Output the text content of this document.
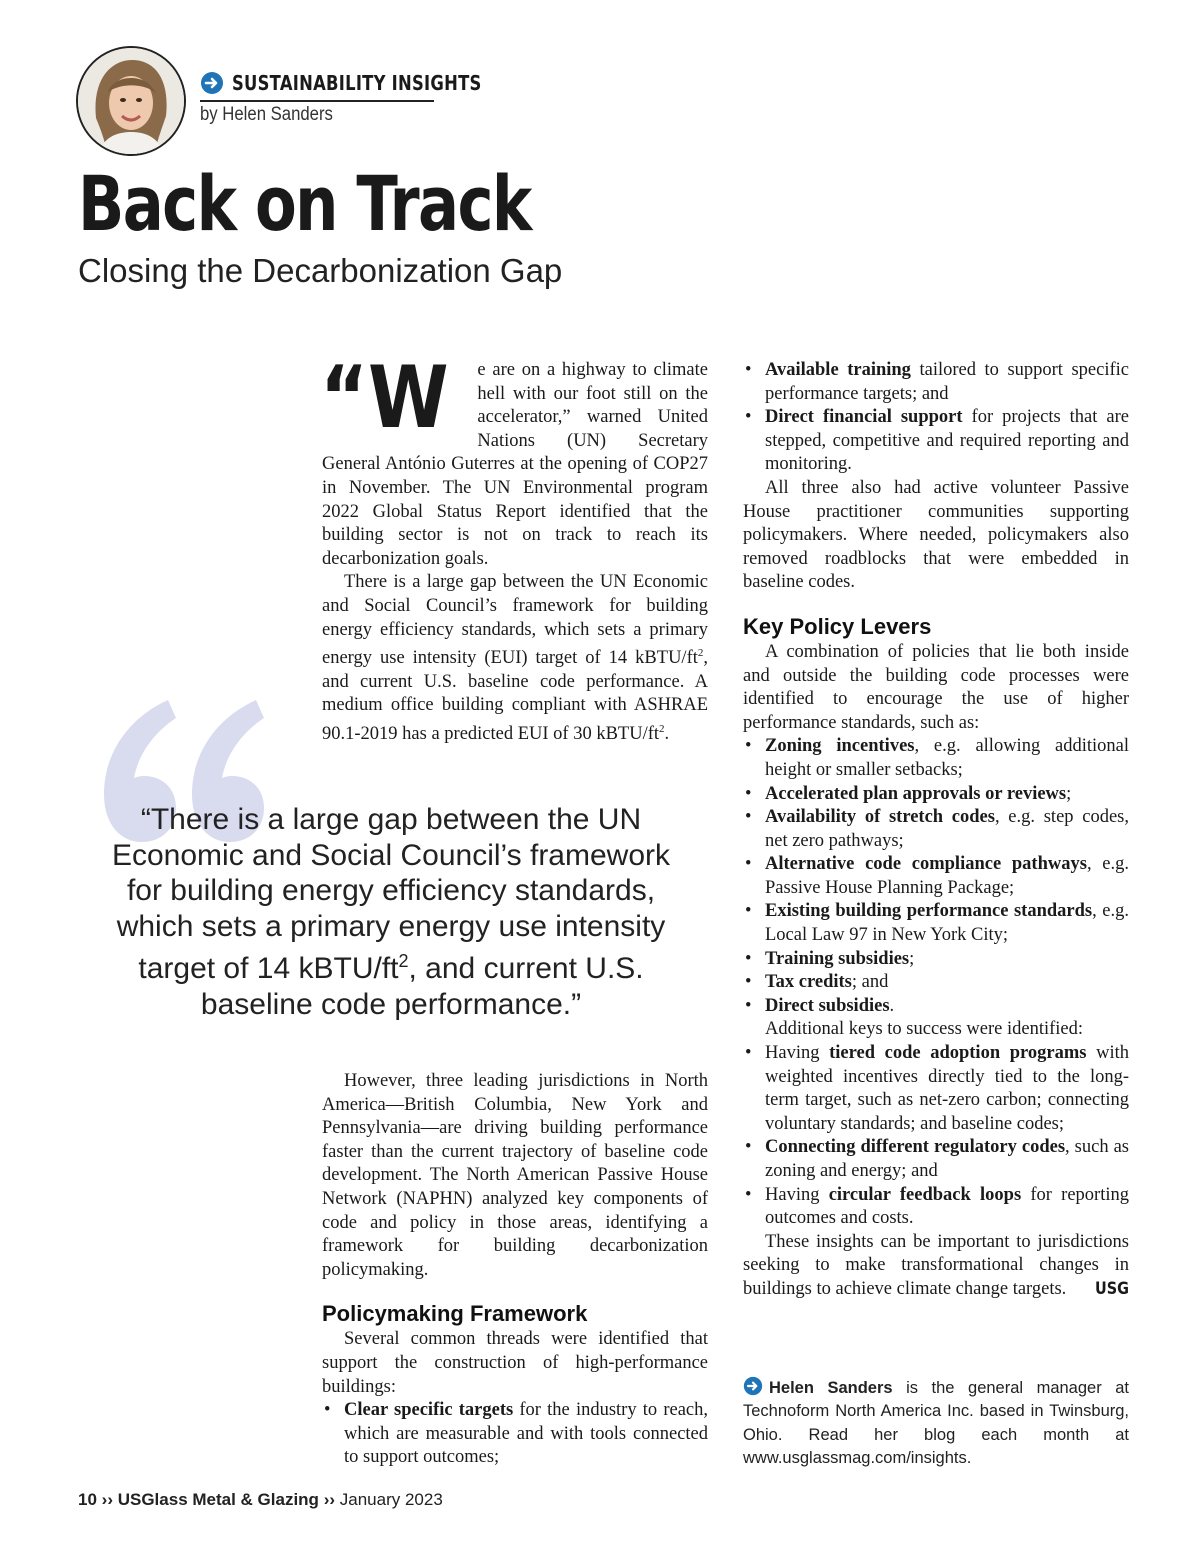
SUSTAINABILITY INSIGHTS
by Helen Sanders
Back on Track
Closing the Decarbonization Gap

“W e are on a highway to climate hell with our foot still on the accelerator,” warned United Nations (UN) Secretary General António Guterres at the opening of COP27 in November. The UN Environmental program 2022 Global Status Report identified that the building sector is not on track to reach its decarbonization goals.

There is a large gap between the UN Economic and Social Council’s framework for building energy efficiency standards, which sets a primary energy use intensity (EUI) target of 14 kBTU/$ft^2$, and current U.S. baseline code performance. A medium office building compliant with ASHRAE 90.1-2019 has a predicted EUI of 30 kBTU/$ft^2$.

“There is a large gap between the UN Economic and Social Council’s framework for building energy efficiency standards, which sets a primary energy use intensity target of 14 kBTU/$ft^2$, and current U.S. baseline code performance.”

However, three leading jurisdictions in North America—British Columbia, New York and Pennsylvania—are driving building performance faster than the current trajectory of baseline code development. The North American Passive House Network (NAPHN) analyzed key components of code and policy in those areas, identifying a framework for building decarbonization policymaking.

Policymaking Framework

Several common threads were identified that support the construction of high-performance buildings:

• Clear specific targets for the industry to reach, which are measurable and with tools connected to support outcomes;
• Available training tailored to support specific performance targets; and
• Direct financial support for projects that are stepped, competitive and required reporting and monitoring.

All three also had active volunteer Passive House practitioner communities supporting policymakers. Where needed, policymakers also removed roadblocks that were embedded in baseline codes.

Key Policy Levers

A combination of policies that lie both inside and outside the building code processes were identified to encourage the use of higher performance standards, such as:

• Zoning incentives, e.g. allowing additional height or smaller setbacks;
• Accelerated plan approvals or reviews;
• Availability of stretch codes, e.g. step codes, net zero pathways;
• Alternative code compliance pathways, e.g. Passive House Planning Package;
• Existing building performance standards, e.g. Local Law 97 in New York City;
• Training subsidies;
• Tax credits; and
• Direct subsidies.

Additional keys to success were identified:

• Having tiered code adoption programs with weighted incentives directly tied to the long-term target, such as net-zero carbon; connecting voluntary standards; and baseline codes;
• Connecting different regulatory codes, such as zoning and energy; and
• Having circular feedback loops for reporting outcomes and costs.

These insights can be important to jurisdictions seeking to make transformational changes in buildings to achieve climate change targets.	USG

Helen Sanders is the general manager at Technoform North America Inc. based in Twinsburg, Ohio. Read her blog each month at www.usglassmag.com/insights.
10 ›› USGlass Metal & Glazing ›› January 2023
